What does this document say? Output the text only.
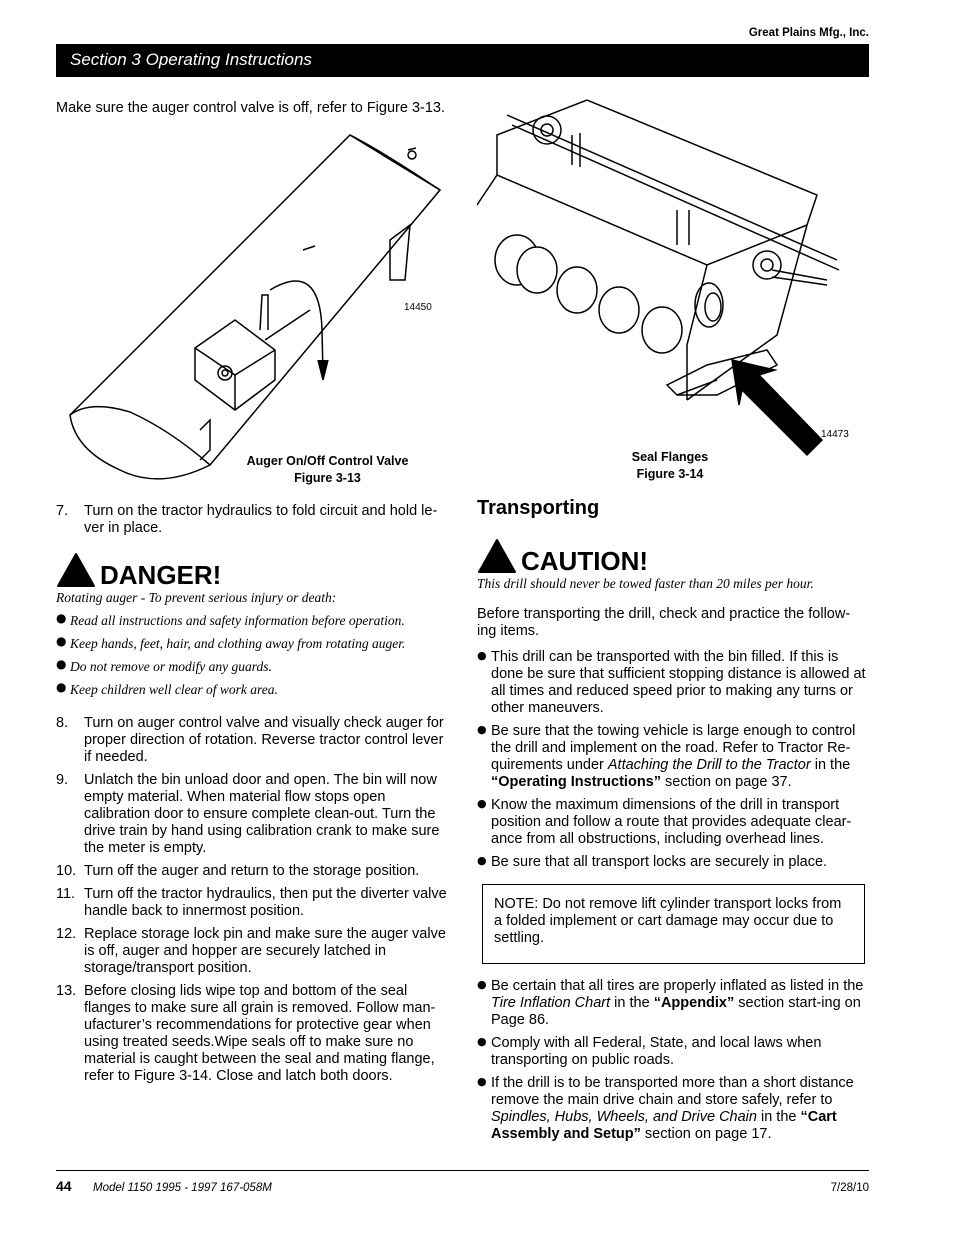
Great Plains Mfg., Inc.
Section 3 Operating Instructions
Make sure the auger control valve is off, refer to Figure 3-13.
14450
Auger On/Off Control Valve
Figure 3-13
7. Turn on the tractor hydraulics to fold circuit and hold le-ver in place.
DANGER!
Rotating auger - To prevent serious injury or death:
● Read all instructions and safety information before operation.
● Keep hands, feet, hair, and clothing away from rotating auger.
● Do not remove or modify any guards.
● Keep children well clear of work area.
8. Turn on auger control valve and visually check auger for proper direction of rotation. Reverse tractor control lever if needed.
9. Unlatch the bin unload door and open. The bin will now empty material. When material flow stops open calibration door to ensure complete clean-out. Turn the drive train by hand using calibration crank to make sure the meter is empty.
10. Turn off the auger and return to the storage position.
11. Turn off the tractor hydraulics, then put the diverter valve handle back to innermost position.
12. Replace storage lock pin and make sure the auger valve is off, auger and hopper are securely latched in storage/transport position.
13. Before closing lids wipe top and bottom of the seal flanges to make sure all grain is removed. Follow man-ufacturer’s recommendations for protective gear when using treated seeds.Wipe seals off to make sure no material is caught between the seal and mating flange, refer to Figure 3-14. Close and latch both doors.
14473
Seal Flanges
Figure 3-14
Transporting
CAUTION!
This drill should never be towed faster than 20 miles per hour.
Before transporting the drill, check and practice the follow-ing items.
● This drill can be transported with the bin filled. If this is done be sure that sufficient stopping distance is allowed at all times and reduced speed prior to making any turns or other maneuvers.
● Be sure that the towing vehicle is large enough to control the drill and implement on the road. Refer to Tractor Re-quirements under Attaching the Drill to the Tractor in the “Operating Instructions” section on page 37.
● Know the maximum dimensions of the drill in transport position and follow a route that provides adequate clear-ance from all obstructions, including overhead lines.
● Be sure that all transport locks are securely in place.
NOTE: Do not remove lift cylinder transport locks from a folded implement or cart damage may occur due to settling.
● Be certain that all tires are properly inflated as listed in the Tire Inflation Chart in the “Appendix” section start-ing on Page 86.
● Comply with all Federal, State, and local laws when transporting on public roads.
● If the drill is to be transported more than a short distance remove the main drive chain and store safely, refer to Spindles, Hubs, Wheels, and Drive Chain in the “Cart Assembly and Setup” section on page 17.
44 Model 1150 1995 - 1997 167-058M	7/28/10
